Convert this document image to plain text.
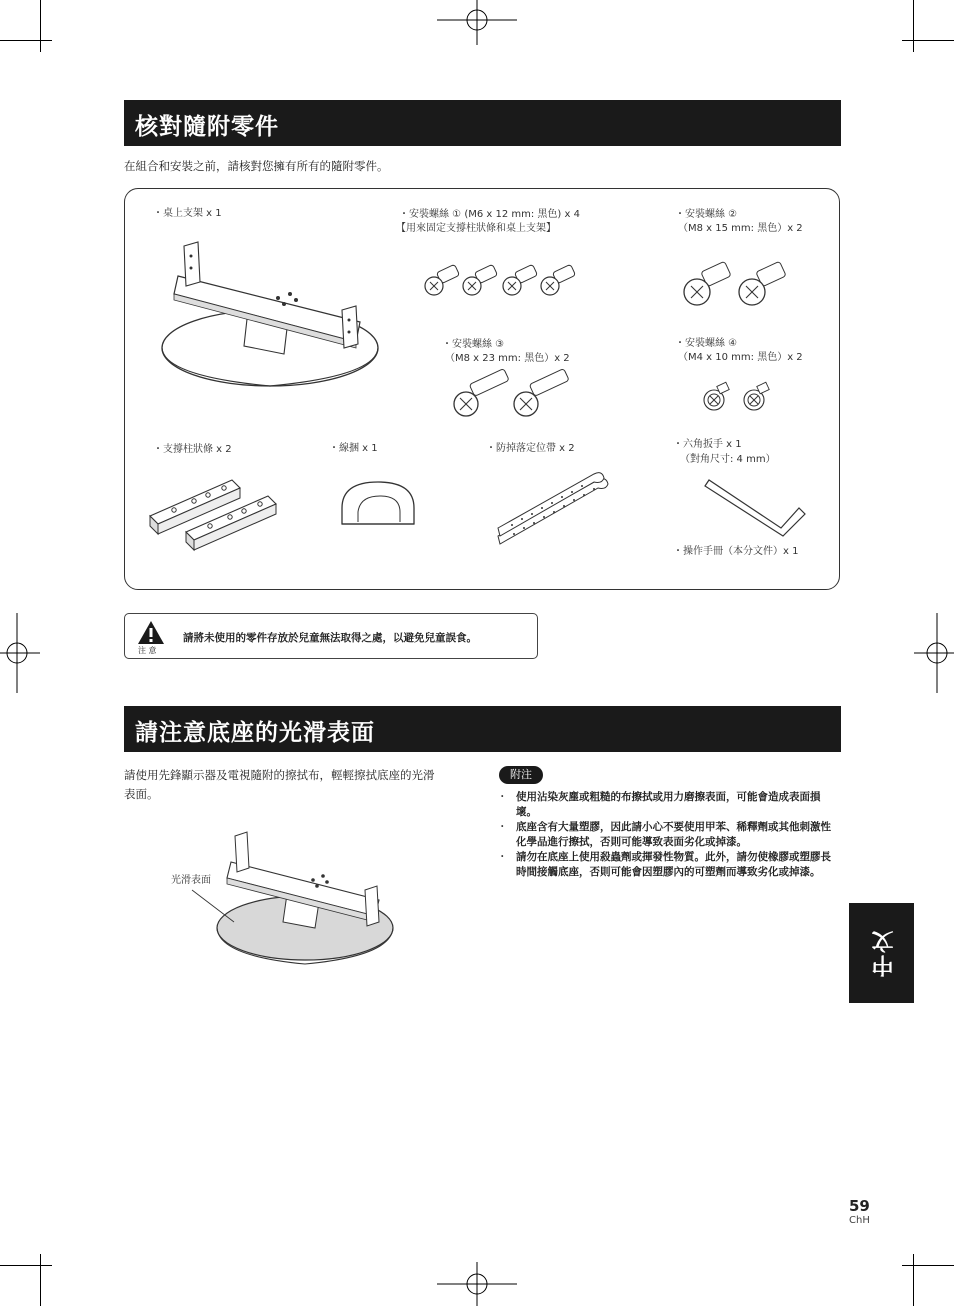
核對隨附零件
在組合和安裝之前，請核對您擁有所有的隨附零件。
・桌上支架 x 1	・安裝螺絲 ① (M6 x 12 mm: 黑色) x 4
【用來固定支撐柱狀條和桌上支架】
・安裝螺絲 ②
（M8 x 15 mm: 黑色）x 2
・安裝螺絲 ③
（M8 x 23 mm: 黑色）x 2
・安裝螺絲 ④
（M4 x 10 mm: 黑色）x 2
・支撐柱狀條 x 2	・線捆 x 1	・防掉落定位帶 x 2	・六角扳手 x 1
（對角尺寸: 4 mm）
・操作手冊（本分文件）x 1
注 意
請將未使用的零件存放於兒童無法取得之處，以避免兒童誤食。
請注意底座的光滑表面
請使用先鋒顯示器及電視隨附的擦拭布，輕輕擦拭底座的光滑
表面。
光滑表面
附注
・ 使用沾染灰塵或粗糙的布擦拭或用力磨擦表面，可能會造成表面損壞。
・ 底座含有大量塑膠，因此請小心不要使用甲苯、稀釋劑或其他刺激性化學品進行擦拭，否則可能導致表面劣化或掉漆。
・ 請勿在底座上使用殺蟲劑或揮發性物質。此外，請勿使橡膠或塑膠長時間接觸底座，否則可能會因塑膠內的可塑劑而導致劣化或掉漆。
中文
59
ChH
